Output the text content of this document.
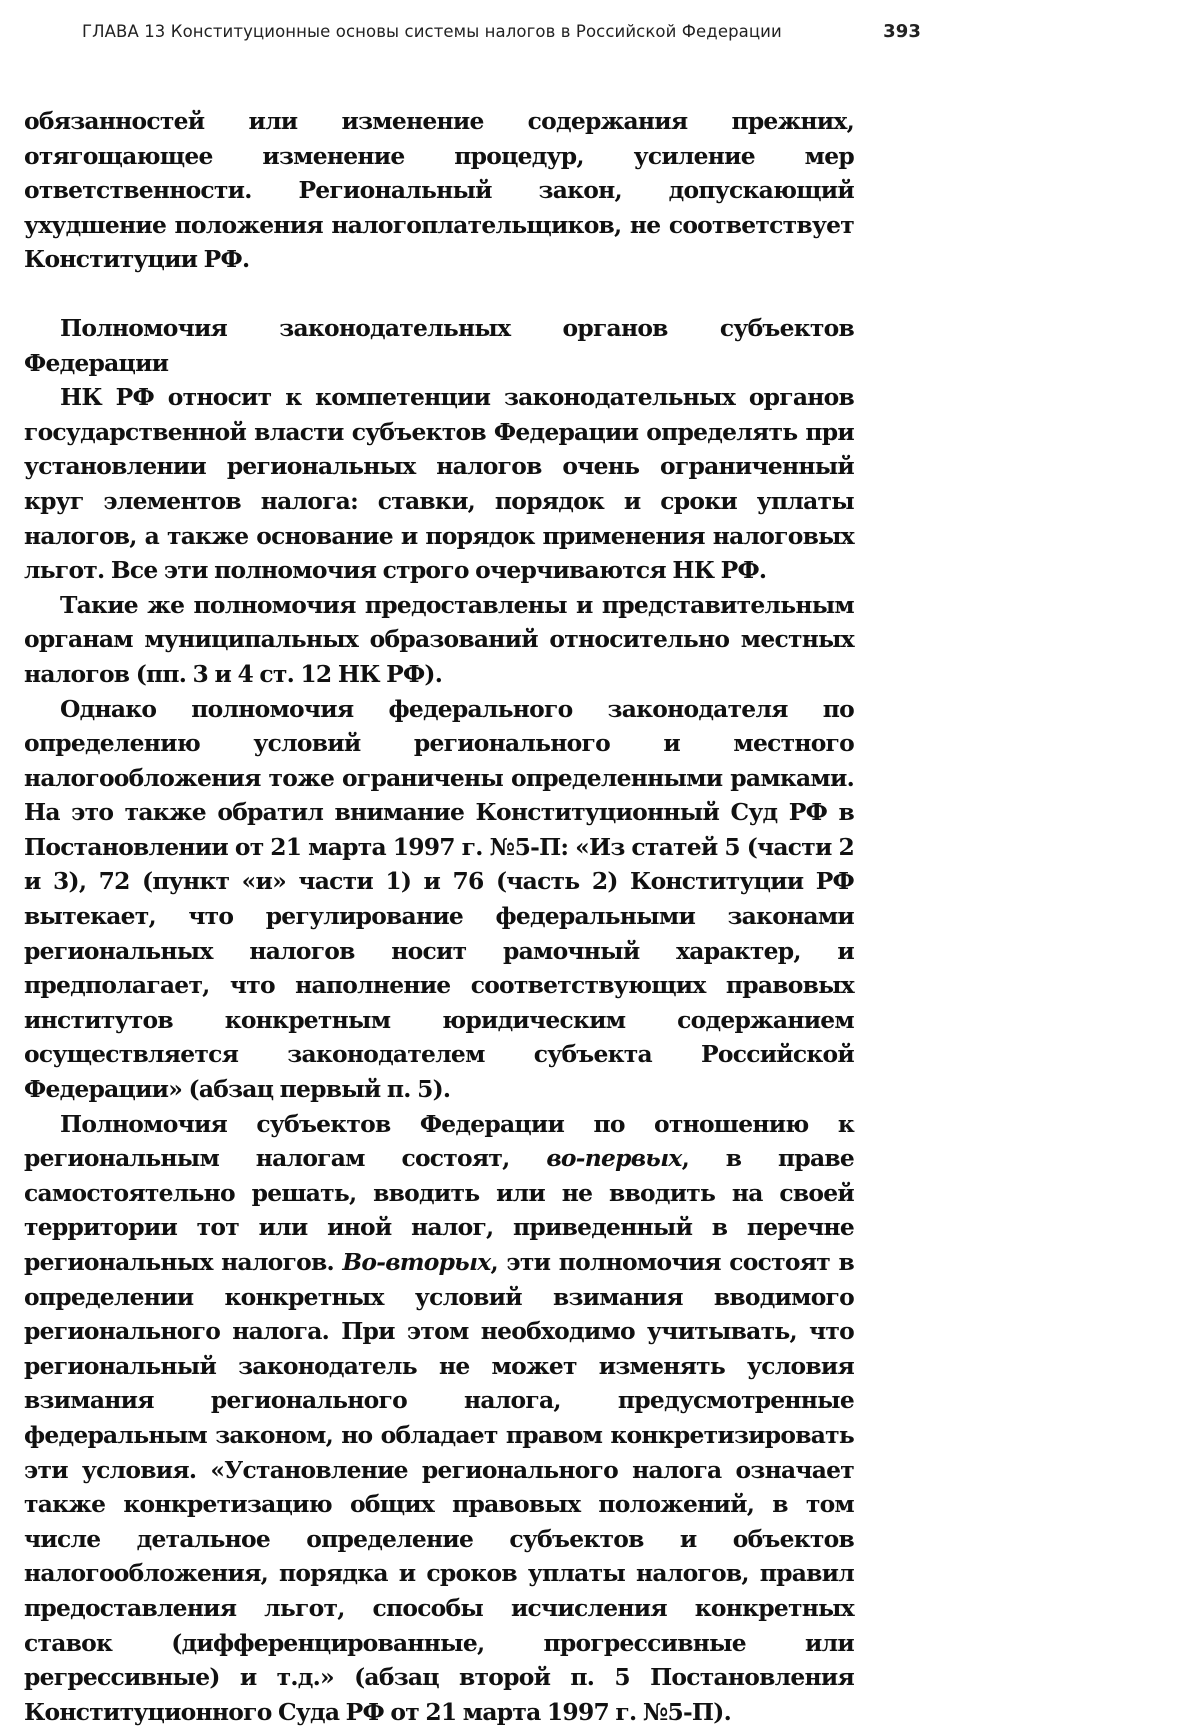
ГЛАВА 13 Конституционные основы системы налогов в Российской Федерации	393

обязанностей или изменение содержания прежних, отягощающее изменение процедур, усиление мер ответственности. Региональный закон, допускающий ухудшение положения налогоплательщиков, не соответствует Конституции РФ.

Полномочия законодательных органов субъектов Федерации

НК РФ относит к компетенции законодательных органов государственной власти субъектов Федерации определять при установлении региональных налогов очень ограниченный круг элементов налога: ставки, порядок и сроки уплаты налогов, а также основание и порядок применения налоговых льгот. Все эти полномочия строго очерчиваются НК РФ.

Такие же полномочия предоставлены и представительным органам муниципальных образований относительно местных налогов (пп. 3 и 4 ст. 12 НК РФ).

Однако полномочия федерального законодателя по определению условий регионального и местного налогообложения тоже ограничены определенными рамками. На это также обратил внимание Конституционный Суд РФ в Постановлении от 21 марта 1997 г. №5-П: «Из статей 5 (части 2 и 3), 72 (пункт «и» части 1) и 76 (часть 2) Конституции РФ вытекает, что регулирование федеральными законами региональных налогов носит рамочный характер, и предполагает, что наполнение соответствующих правовых институтов конкретным юридическим содержанием осуществляется законодателем субъекта Российской Федерации» (абзац первый п. 5).

Полномочия субъектов Федерации по отношению к региональным налогам состоят, во-первых, в праве самостоятельно решать, вводить или не вводить на своей территории тот или иной налог, приведенный в перечне региональных налогов. Во-вторых, эти полномочия состоят в определении конкретных условий взимания вводимого регионального налога. При этом необходимо учитывать, что региональный законодатель не может изменять условия взимания регионального налога, предусмотренные федеральным законом, но обладает правом конкретизировать эти условия. «Установление регионального налога означает также конкретизацию общих правовых положений, в том числе детальное определение субъектов и объектов налогообложения, порядка и сроков уплаты налогов, правил предоставления льгот, способы исчисления конкретных ставок (дифференцированные, прогрессивные или регрессивные) и т.д.» (абзац второй п. 5 Постановления Конституционного Суда РФ от 21 марта 1997 г. №5-П).
